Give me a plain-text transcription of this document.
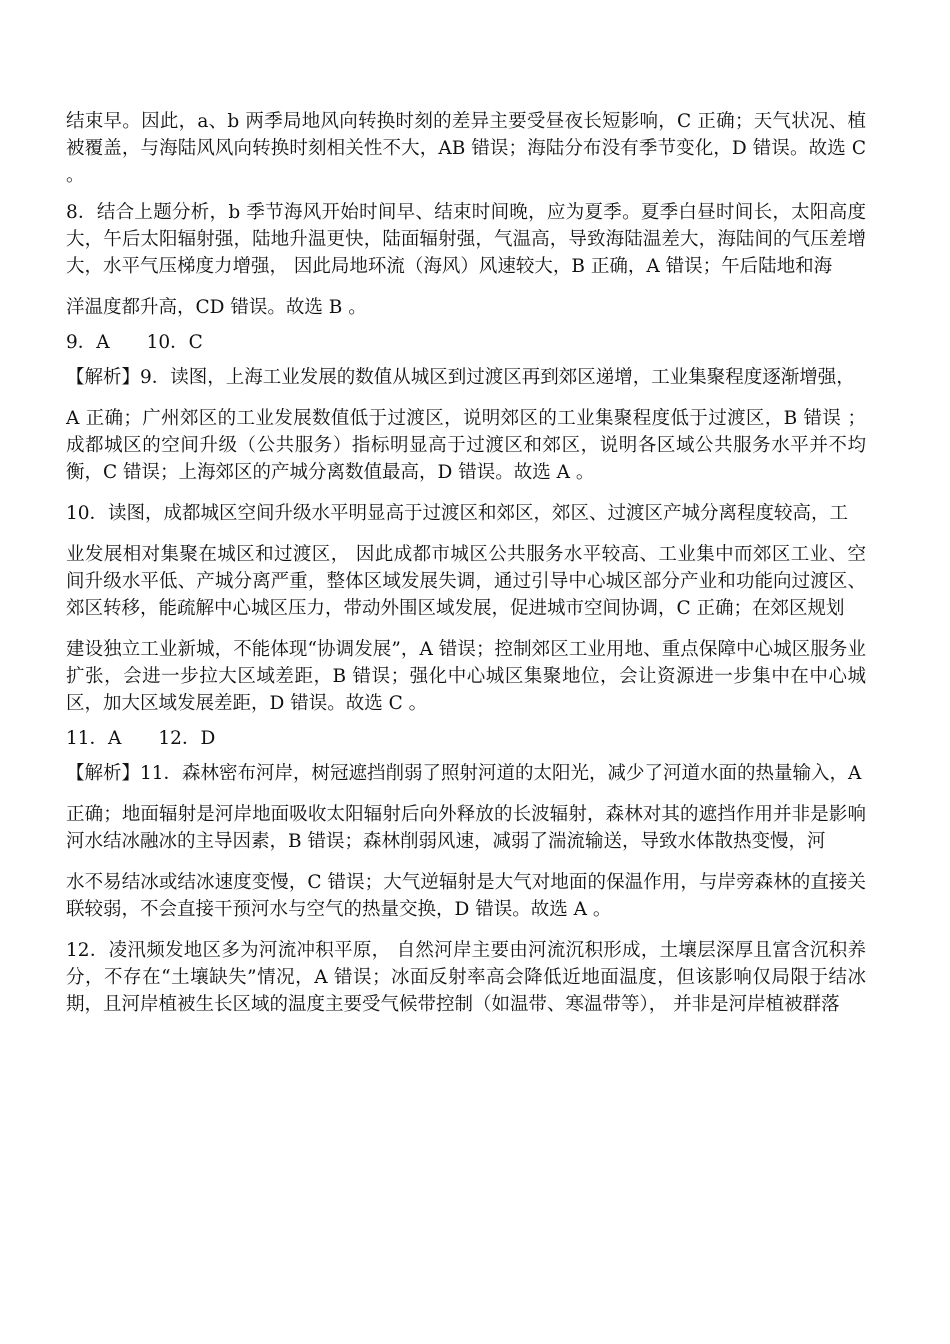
结束早。因此，a、b 两季局地风向转换时刻的差异主要受昼夜长短影响，C 正确；天气状况、植 被覆盖，与海陆风风向转换时刻相关性不大，AB 错误；海陆分布没有季节变化，D 错误。故选 C 。

8．结合上题分析，b 季节海风开始时间早、结束时间晚，应为夏季。夏季白昼时间长，太阳高度大，午后太阳辐射强，陆地升温更快，陆面辐射强，气温高，导致海陆温差大，海陆间的气压差增大，水平气压梯度力增强， 因此局地环流（海风）风速较大，B 正确，A 错误；午后陆地和海

洋温度都升高，CD 错误。故选 B 。

9．A　　10．C

【解析】9．读图，上海工业发展的数值从城区到过渡区再到郊区递增，工业集聚程度逐渐增强，

A 正确；广州郊区的工业发展数值低于过渡区，说明郊区的工业集聚程度低于过渡区，B 错误 ；成都城区的空间升级（公共服务）指标明显高于过渡区和郊区，说明各区域公共服务水平并不均衡，C 错误；上海郊区的产城分离数值最高，D 错误。故选 A 。

10．读图，成都城区空间升级水平明显高于过渡区和郊区，郊区、过渡区产城分离程度较高，工

业发展相对集聚在城区和过渡区， 因此成都市城区公共服务水平较高、工业集中而郊区工业、空间升级水平低、产城分离严重，整体区域发展失调，通过引导中心城区部分产业和功能向过渡区、郊区转移，能疏解中心城区压力，带动外围区域发展，促进城市空间协调，C 正确；在郊区规划

建设独立工业新城，不能体现“协调发展”，A 错误；控制郊区工业用地、重点保障中心城区服务业扩张，会进一步拉大区域差距，B 错误；强化中心城区集聚地位，会让资源进一步集中在中心城区，加大区域发展差距，D 错误。故选 C 。

11．A　　12．D

【解析】11．森林密布河岸，树冠遮挡削弱了照射河道的太阳光，减少了河道水面的热量输入，A

正确；地面辐射是河岸地面吸收太阳辐射后向外释放的长波辐射，森林对其的遮挡作用并非是影响河水结冰融冰的主导因素，B 错误；森林削弱风速，减弱了湍流输送，导致水体散热变慢，河

水不易结冰或结冰速度变慢，C 错误；大气逆辐射是大气对地面的保温作用，与岸旁森林的直接关联较弱，不会直接干预河水与空气的热量交换，D 错误。故选 A 。

12．凌汛频发地区多为河流冲积平原， 自然河岸主要由河流沉积形成，土壤层深厚且富含沉积养分，不存在“土壤缺失”情况，A 错误；冰面反射率高会降低近地面温度，但该影响仅局限于结冰期，且河岸植被生长区域的温度主要受气候带控制（如温带、寒温带等）， 并非是河岸植被群落
